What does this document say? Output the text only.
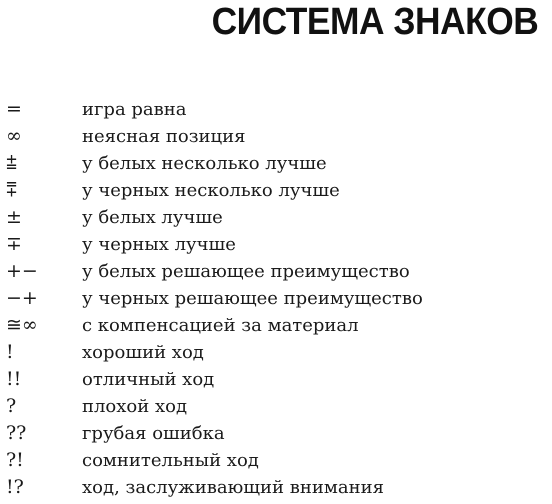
СИСТЕМА ЗНАКОВ
=	игра равна
∞	неясная позиция
⩲	у белых несколько лучше
⩱	у черных несколько лучше
±	у белых лучше
∓	у черных лучше
+−	у белых решающее преимущество
−+	у черных решающее преимущество
≅∞	с компенсацией за материал
!	хороший ход
!!	отличный ход
?	плохой ход
??	грубая ошибка
?!	сомнительный ход
!?	ход, заслуживающий внимания
